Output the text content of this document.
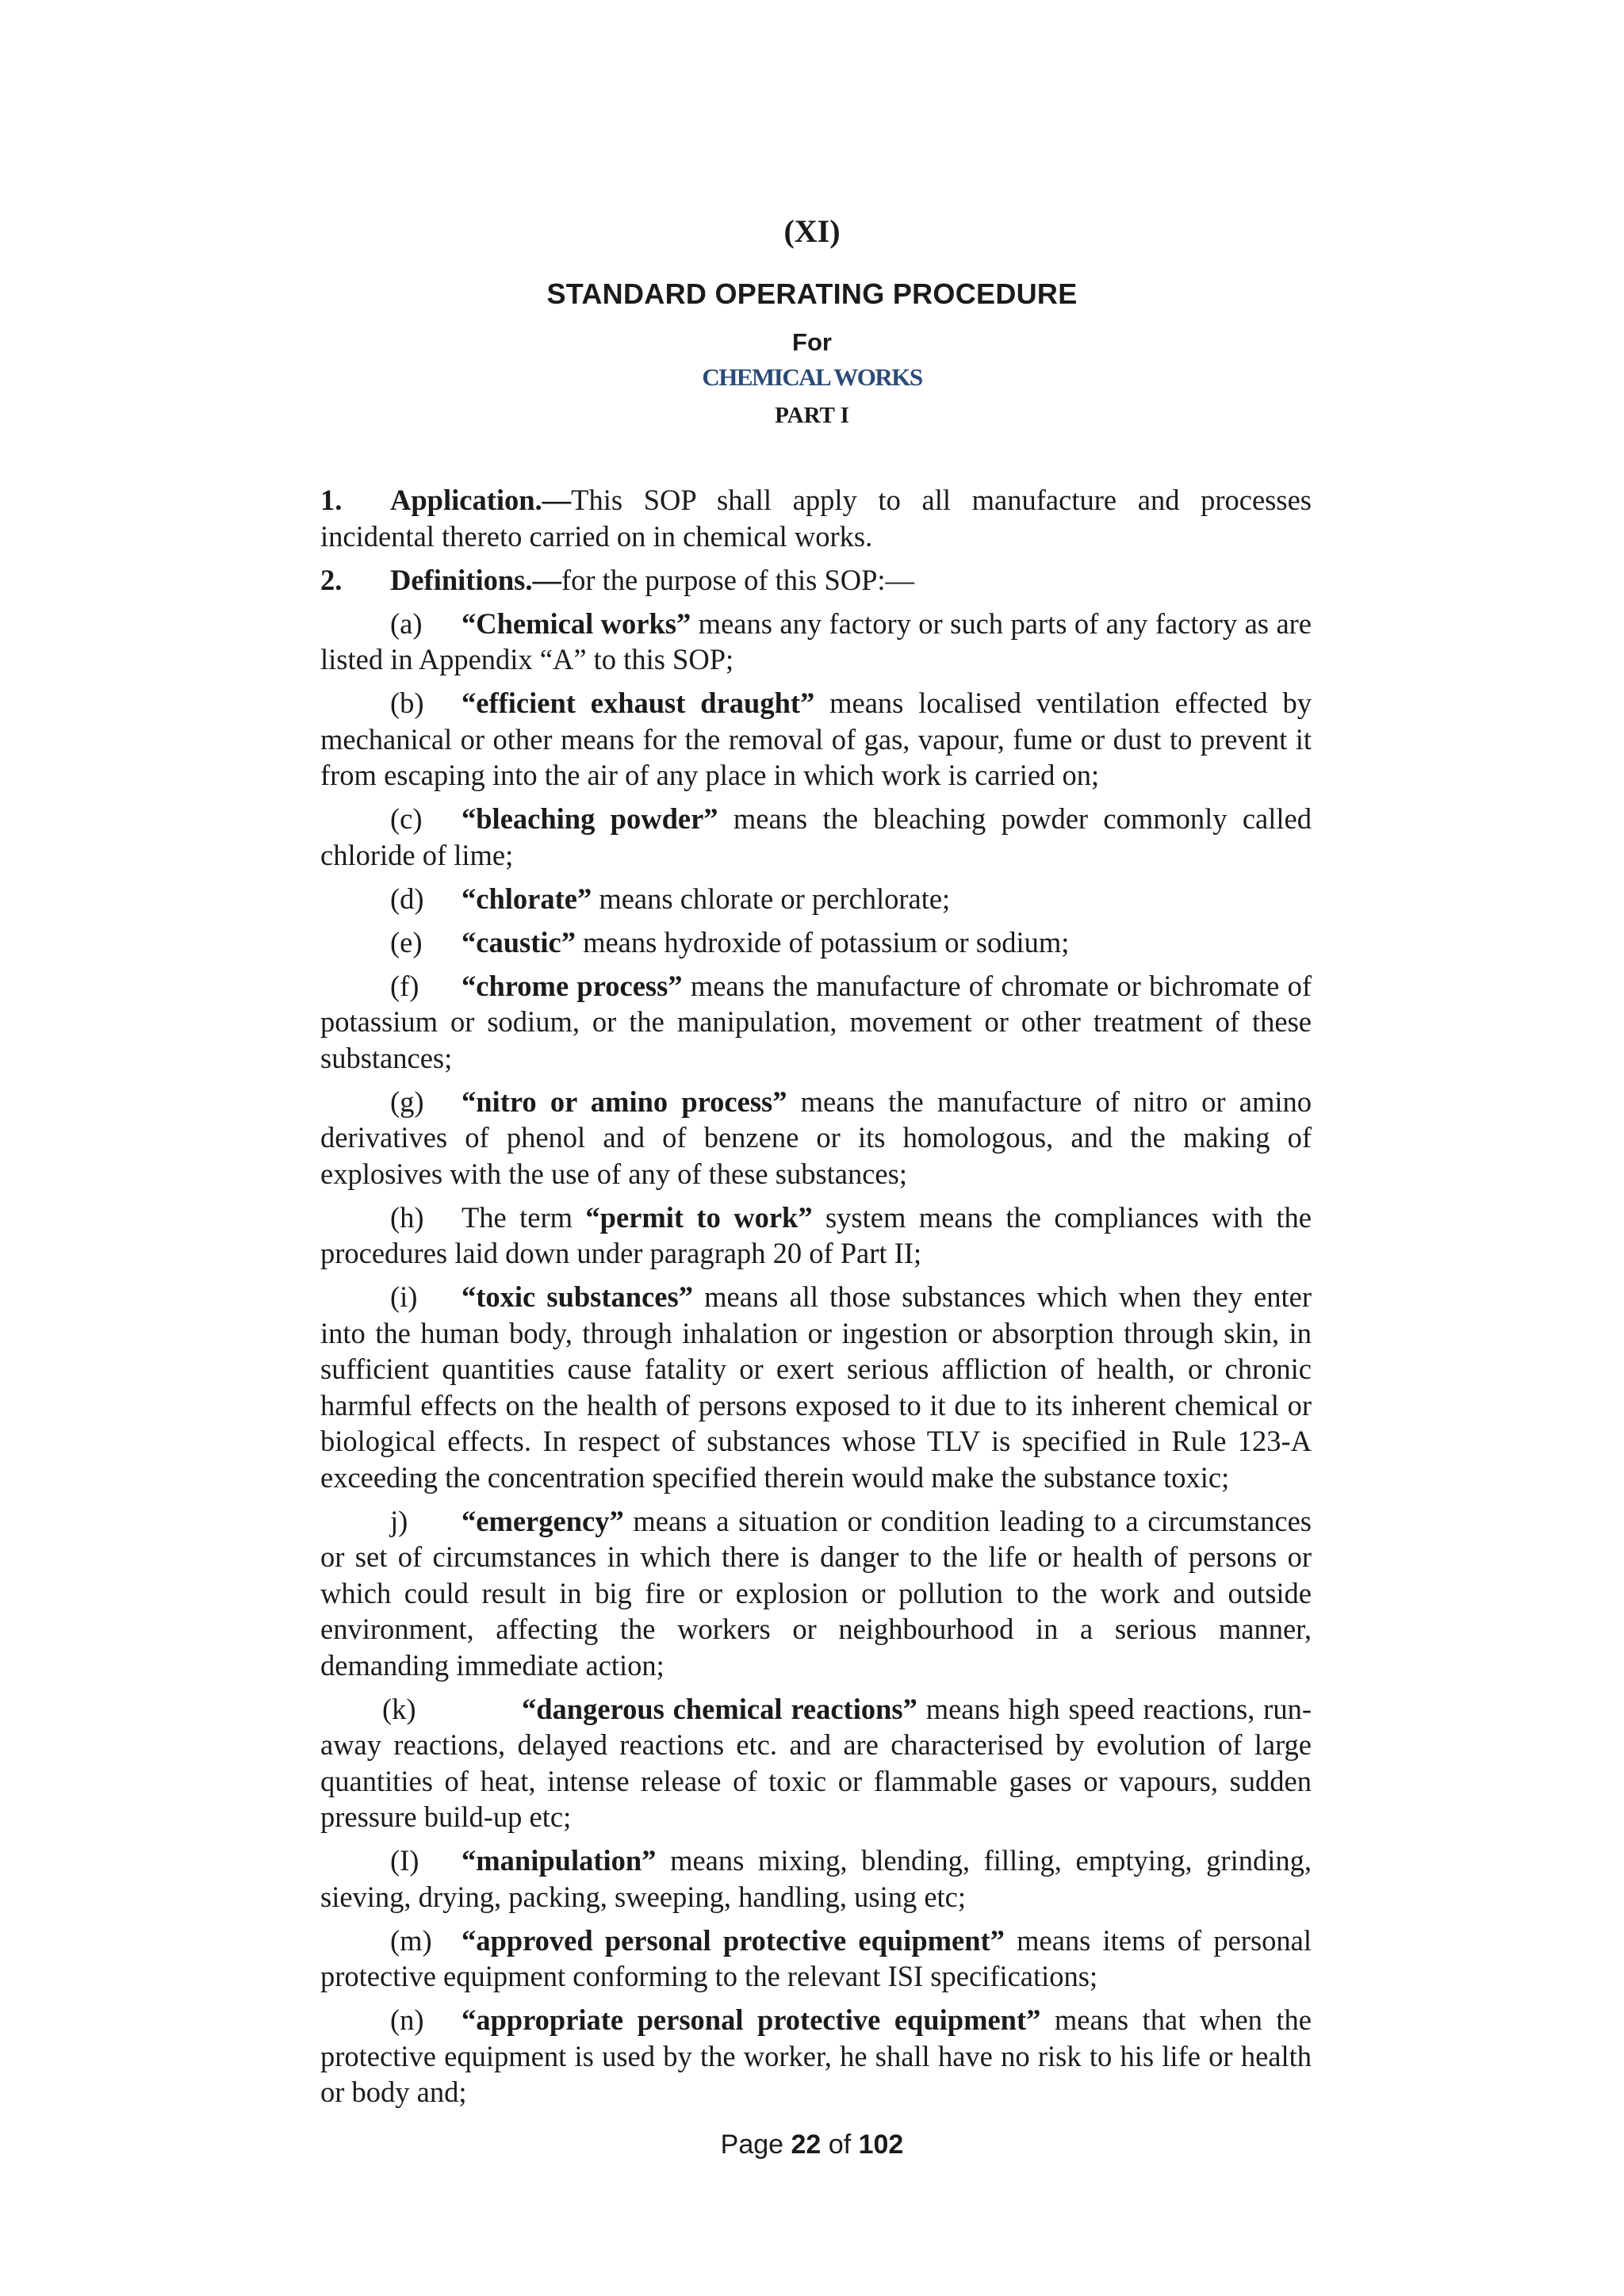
(XI)
STANDARD OPERATING PROCEDURE
For
CHEMICAL WORKS
PART I

1. Application.—This SOP shall apply to all manufacture and processes incidental thereto carried on in chemical works.

2. Definitions.—for the purpose of this SOP:—

(a) “Chemical works” means any factory or such parts of any factory as are listed in Appendix “A” to this SOP;

(b) “efficient exhaust draught” means localised ventilation effected by mechanical or other means for the removal of gas, vapour, fume or dust to prevent it from escaping into the air of any place in which work is carried on;

(c) “bleaching powder” means the bleaching powder commonly called chloride of lime;

(d) “chlorate” means chlorate or perchlorate;

(e) “caustic” means hydroxide of potassium or sodium;

(f) “chrome process” means the manufacture of chromate or bichromate of potassium or sodium, or the manipulation, movement or other treatment of these substances;

(g) “nitro or amino process” means the manufacture of nitro or amino derivatives of phenol and of benzene or its homologous, and the making of explosives with the use of any of these substances;

(h) The term “permit to work” system means the compliances with the procedures laid down under paragraph 20 of Part II;

(i) “toxic substances” means all those substances which when they enter into the human body, through inhalation or ingestion or absorption through skin, in sufficient quantities cause fatality or exert serious affliction of health, or chronic harmful effects on the health of persons exposed to it due to its inherent chemical or biological effects. In respect of substances whose TLV is specified in Rule 123-A exceeding the concentration specified therein would make the substance toxic;

j) “emergency” means a situation or condition leading to a circumstances or set of circumstances in which there is danger to the life or health of persons or which could result in big fire or explosion or pollution to the work and outside environment, affecting the workers or neighbourhood in a serious manner, demanding immediate action;

(k)	“dangerous chemical reactions” means high speed reactions, run-away reactions, delayed reactions etc. and are characterised by evolution of large quantities of heat, intense release of toxic or flammable gases or vapours, sudden pressure build-up etc;

(I) “manipulation” means mixing, blending, filling, emptying, grinding, sieving, drying, packing, sweeping, handling, using etc;

(m) “approved personal protective equipment” means items of personal protective equipment conforming to the relevant ISI specifications;

(n) “appropriate personal protective equipment” means that when the protective equipment is used by the worker, he shall have no risk to his life or health or body and;

Page 22 of 102
